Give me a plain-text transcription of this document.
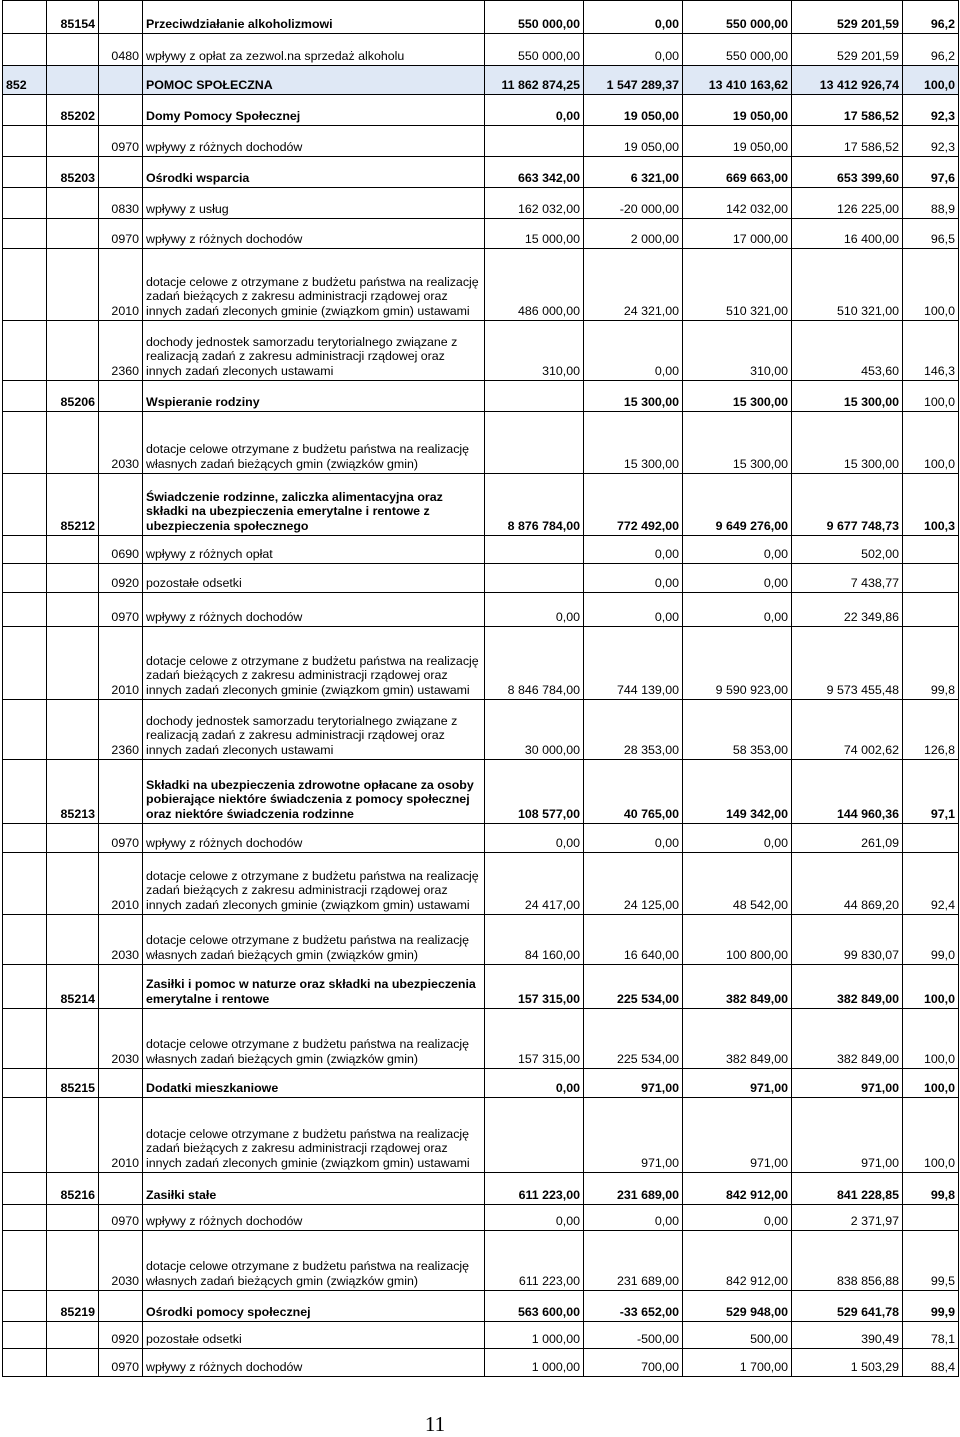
	85154		Przeciwdziałanie alkoholizmowi	550 000,00	0,00	550 000,00	529 201,59	96,2
		0480	wpływy z opłat za zezwol.na sprzedaż alkoholu	550 000,00	0,00	550 000,00	529 201,59	96,2
852			POMOC SPOŁECZNA	11 862 874,25	1 547 289,37	13 410 163,62	13 412 926,74	100,0
	85202		Domy Pomocy Społecznej	0,00	19 050,00	19 050,00	17 586,52	92,3
		0970	wpływy z różnych dochodów		19 050,00	19 050,00	17 586,52	92,3
	85203		Ośrodki wsparcia	663 342,00	6 321,00	669 663,00	653 399,60	97,6
		0830	wpływy z usług	162 032,00	-20 000,00	142 032,00	126 225,00	88,9
		0970	wpływy z różnych dochodów	15 000,00	2 000,00	17 000,00	16 400,00	96,5
		2010	dotacje celowe z otrzymane z budżetu państwa na realizację zadań bieżących z zakresu administracji rządowej oraz innych zadań zleconych gminie (związkom gmin) ustawami	486 000,00	24 321,00	510 321,00	510 321,00	100,0
		2360	dochody jednostek samorzadu terytorialnego związane z realizacją zadań z zakresu administracji rządowej oraz innych zadań zleconych ustawami	310,00	0,00	310,00	453,60	146,3
	85206		Wspieranie rodziny		15 300,00	15 300,00	15 300,00	100,0
		2030	dotacje celowe otrzymane z budżetu państwa na realizację własnych zadań bieżących gmin (związków gmin)		15 300,00	15 300,00	15 300,00	100,0
	85212		Świadczenie rodzinne, zaliczka alimentacyjna oraz składki na ubezpieczenia emerytalne i rentowe z ubezpieczenia społecznego	8 876 784,00	772 492,00	9 649 276,00	9 677 748,73	100,3
		0690	wpływy z różnych opłat		0,00	0,00	502,00	
		0920	pozostałe odsetki		0,00	0,00	7 438,77	
		0970	wpływy z różnych dochodów	0,00	0,00	0,00	22 349,86	
		2010	dotacje celowe z otrzymane z budżetu państwa na realizację zadań bieżących z zakresu administracji rządowej oraz innych zadań zleconych gminie (związkom gmin) ustawami	8 846 784,00	744 139,00	9 590 923,00	9 573 455,48	99,8
		2360	dochody jednostek samorzadu terytorialnego związane z realizacją zadań z zakresu administracji rządowej oraz innych zadań zleconych ustawami	30 000,00	28 353,00	58 353,00	74 002,62	126,8
	85213		Składki na ubezpieczenia zdrowotne opłacane za osoby pobierające niektóre świadczenia z pomocy społecznej oraz niektóre świadczenia rodzinne	108 577,00	40 765,00	149 342,00	144 960,36	97,1
		0970	wpływy z różnych dochodów	0,00	0,00	0,00	261,09	
		2010	dotacje celowe z otrzymane z budżetu państwa na realizację zadań bieżących z zakresu administracji rządowej oraz innych zadań zleconych gminie (związkom gmin) ustawami	24 417,00	24 125,00	48 542,00	44 869,20	92,4
		2030	dotacje celowe otrzymane z budżetu państwa na realizację własnych zadań bieżących gmin (związków gmin)	84 160,00	16 640,00	100 800,00	99 830,07	99,0
	85214		Zasiłki i pomoc w naturze oraz składki na ubezpieczenia emerytalne i rentowe	157 315,00	225 534,00	382 849,00	382 849,00	100,0
		2030	dotacje celowe otrzymane z budżetu państwa na realizację własnych zadań bieżących gmin (związków gmin)	157 315,00	225 534,00	382 849,00	382 849,00	100,0
	85215		Dodatki mieszkaniowe	0,00	971,00	971,00	971,00	100,0
		2010	dotacje celowe otrzymane z budżetu państwa na realizację zadań bieżących z zakresu administracji rządowej oraz innych zadań zleconych gminie (związkom gmin) ustawami		971,00	971,00	971,00	100,0
	85216		Zasiłki stałe	611 223,00	231 689,00	842 912,00	841 228,85	99,8
		0970	wpływy z różnych dochodów	0,00	0,00	0,00	2 371,97	
		2030	dotacje celowe otrzymane z budżetu państwa na realizację własnych zadań bieżących gmin (związków gmin)	611 223,00	231 689,00	842 912,00	838 856,88	99,5
	85219		Ośrodki pomocy społecznej	563 600,00	-33 652,00	529 948,00	529 641,78	99,9
		0920	pozostałe odsetki	1 000,00	-500,00	500,00	390,49	78,1
		0970	wpływy z różnych dochodów	1 000,00	700,00	1 700,00	1 503,29	88,4
11
